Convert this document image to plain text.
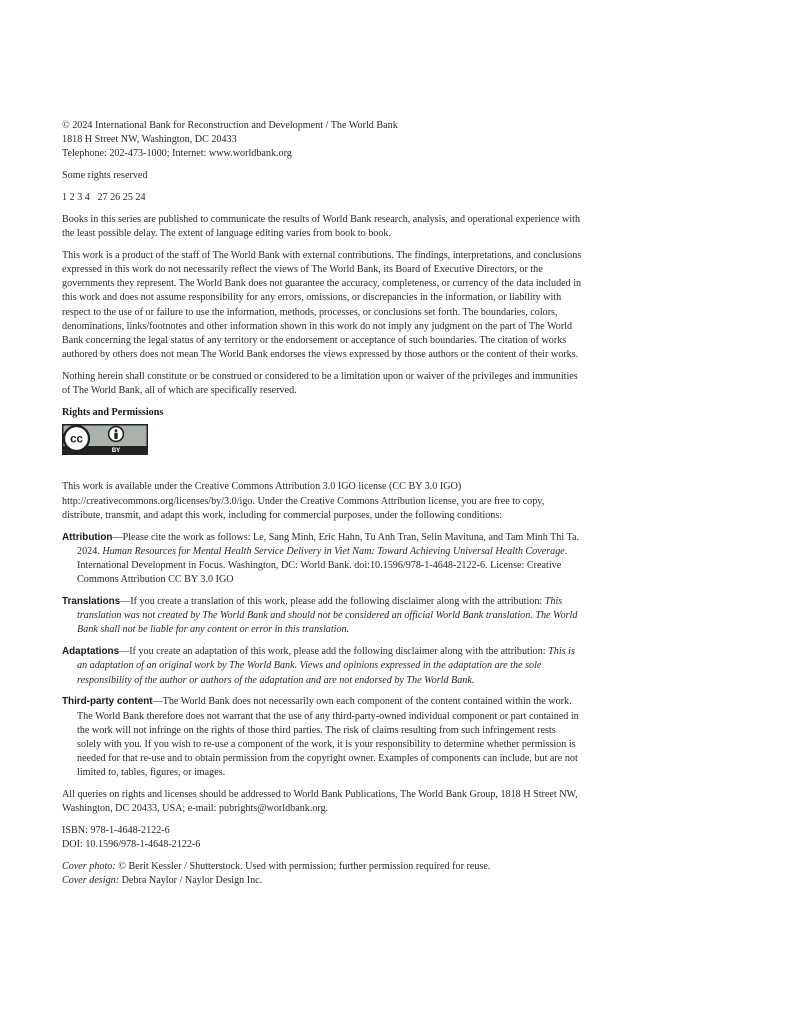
© 2024 International Bank for Reconstruction and Development / The World Bank
1818 H Street NW, Washington, DC 20433
Telephone: 202-473-1000; Internet: www.worldbank.org
Some rights reserved
1 2 3 4   27 26 25 24
Books in this series are published to communicate the results of World Bank research, analysis, and operational experience with the least possible delay. The extent of language editing varies from book to book.
This work is a product of the staff of The World Bank with external contributions. The findings, interpretations, and conclusions expressed in this work do not necessarily reflect the views of The World Bank, its Board of Executive Directors, or the governments they represent. The World Bank does not guarantee the accuracy, completeness, or currency of the data included in this work and does not assume responsibility for any errors, omissions, or discrepancies in the information, or liability with respect to the use of or failure to use the information, methods, processes, or conclusions set forth. The boundaries, colors, denominations, links/footnotes and other information shown in this work do not imply any judgment on the part of The World Bank concerning the legal status of any territory or the endorsement or acceptance of such boundaries. The citation of works authored by others does not mean The World Bank endorses the views expressed by those authors or the content of their works.
Nothing herein shall constitute or be construed or considered to be a limitation upon or waiver of the privileges and immunities of The World Bank, all of which are specifically reserved.
Rights and Permissions
cc
BY
This work is available under the Creative Commons Attribution 3.0 IGO license (CC BY 3.0 IGO) http://creativecommons.org/licenses/by/3.0/igo. Under the Creative Commons Attribution license, you are free to copy, distribute, transmit, and adapt this work, including for commercial purposes, under the following conditions:
Attribution—Please cite the work as follows: Le, Sang Minh, Eric Hahn, Tu Anh Tran, Selin Mavituna, and Tam Minh Thi Ta. 2024. Human Resources for Mental Health Service Delivery in Viet Nam: Toward Achieving Universal Health Coverage. International Development in Focus. Washington, DC: World Bank. doi:10.1596/978-1-4648-2122-6. License: Creative Commons Attribution CC BY 3.0 IGO
Translations—If you create a translation of this work, please add the following disclaimer along with the attribution: This translation was not created by The World Bank and should not be considered an official World Bank translation. The World Bank shall not be liable for any content or error in this translation.
Adaptations—If you create an adaptation of this work, please add the following disclaimer along with the attribution: This is an adaptation of an original work by The World Bank. Views and opinions expressed in the adaptation are the sole responsibility of the author or authors of the adaptation and are not endorsed by The World Bank.
Third-party content—The World Bank does not necessarily own each component of the content contained within the work. The World Bank therefore does not warrant that the use of any third-party-owned individual component or part contained in the work will not infringe on the rights of those third parties. The risk of claims resulting from such infringement rests solely with you. If you wish to re-use a component of the work, it is your responsibility to determine whether permission is needed for that re-use and to obtain permission from the copyright owner. Examples of components can include, but are not limited to, tables, figures, or images.
All queries on rights and licenses should be addressed to World Bank Publications, The World Bank Group, 1818 H Street NW, Washington, DC 20433, USA; e-mail: pubrights@worldbank.org.
ISBN: 978-1-4648-2122-6
DOI: 10.1596/978-1-4648-2122-6
Cover photo: © Berit Kessler / Shutterstock. Used with permission; further permission required for reuse.
Cover design: Debra Naylor / Naylor Design Inc.
